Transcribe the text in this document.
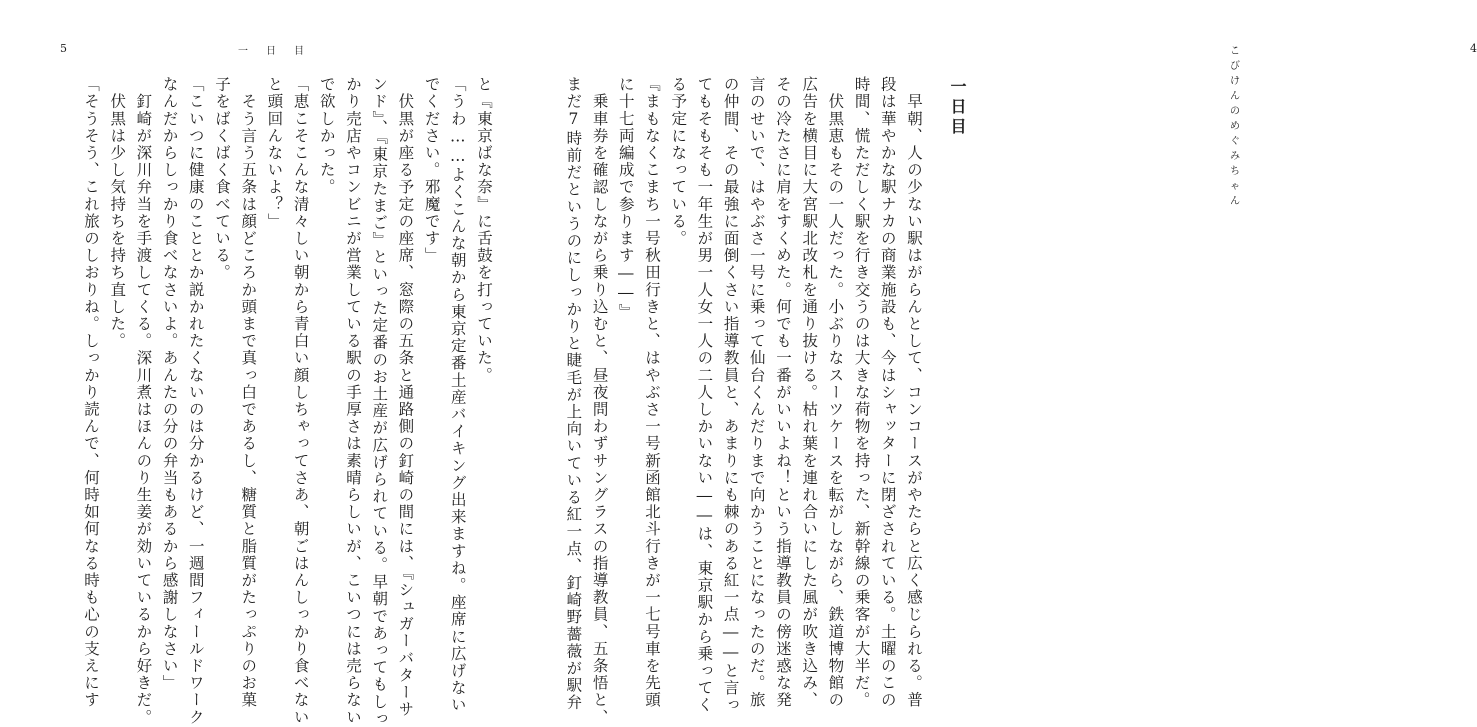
5	一日目
と『東京ばな奈』に舌鼓を打っていた。
「うわ……よくこんな朝から東京定番土産バイキング出来ますね。座席に広げない
でください。邪魔です」
　伏黒が座る予定の座席、窓際の五条と通路側の釘崎の間には、『シュガーバターサ
ンド』、『東京たまご』といった定番のお土産が広げられている。早朝であってもしっ
かり売店やコンビニが営業している駅の手厚さは素晴らしいが、こいつには売らない
で欲しかった。
「恵こそこんな清々しい朝から青白い顔しちゃってさあ、朝ごはんしっかり食べない
と頭回んないよ？」
　そう言う五条は顔どころか頭まで真っ白であるし、糖質と脂質がたっぷりのお菓
子をばくばく食べている。
「こいつに健康のこととか説かれたくないのは分かるけど、一週間フィールドワーク
なんだからしっかり食べなさいよ。あんたの分の弁当もあるから感謝しなさい」
　釘崎が深川弁当を手渡してくる。深川煮はほんのり生姜が効いているから好きだ。
　伏黒は少し気持ちを持ち直した。
「そうそう、これ旅のしおりね。しっかり読んで、何時如何なる時も心の支えにす
こびけんのめぐみちゃん
4
　早朝、人の少ない駅はがらんとして、コンコースがやたらと広く感じられる。普
段は華やかな駅ナカの商業施設も、今はシャッターに閉ざされている。土曜のこの
時間、慌ただしく駅を行き交うのは大きな荷物を持った、新幹線の乗客が大半だ。
　伏黒恵もその一人だった。小ぶりなスーツケースを転がしながら、鉄道博物館の
広告を横目に大宮駅北改札を通り抜ける。枯れ葉を連れ合いにした風が吹き込み、
その冷たさに肩をすくめた。何でも一番がいいよね！という指導教員の傍迷惑な発
言のせいで、はやぶさ一号に乗って仙台くんだりまで向かうことになったのだ。旅
の仲間、その最強に面倒くさい指導教員と、あまりにも棘のある紅一点――と言っ
てもそもそも一年生が男一人女一人の二人しかいない――は、東京駅から乗ってく
る予定になっている。
『まもなくこまち一号秋田行きと、はやぶさ一号新函館北斗行きが一七号車を先頭
に十七両編成で参ります――』
　乗車券を確認しながら乗り込むと、昼夜問わずサングラスの指導教員、五条悟と、
まだ7時前だというのにしっかりと睫毛が上向いている紅一点、釘崎野薔薇が駅弁	一日目
